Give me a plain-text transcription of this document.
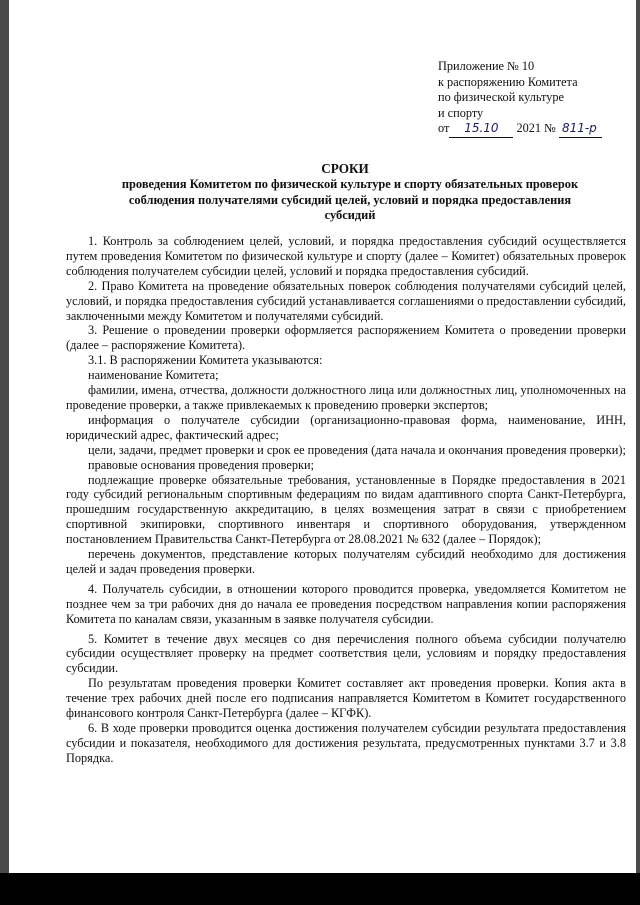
Приложение № 10
к распоряжению Комитета
по физической культуре
и спорту
от 15.10 2021 № 811-р
СРОКИ
проведения Комитетом по физической культуре и спорту обязательных проверок соблюдения получателями субсидий целей, условий и порядка предоставления субсидий

1. Контроль за соблюдением целей, условий, и порядка предоставления субсидий осуществляется путем проведения Комитетом по физической культуре и спорту (далее – Комитет) обязательных проверок соблюдения получателем субсидии целей, условий и порядка предоставления субсидий.

2. Право Комитета на проведение обязательных поверок соблюдения получателями субсидий целей, условий, и порядка предоставления субсидий устанавливается соглашениями о предоставлении субсидий, заключенными между Комитетом и получателями субсидий.

3. Решение о проведении проверки оформляется распоряжением Комитета о проведении проверки (далее – распоряжение Комитета).

3.1. В распоряжении Комитета указываются:

наименование Комитета;

фамилии, имена, отчества, должности должностного лица или должностных лиц, уполномоченных на проведение проверки, а также привлекаемых к проведению проверки экспертов;

информация о получателе субсидии (организационно-правовая форма, наименование, ИНН, юридический адрес, фактический адрес;

цели, задачи, предмет проверки и срок ее проведения (дата начала и окончания проведения проверки);

правовые основания проведения проверки;

подлежащие проверке обязательные требования, установленные в Порядке предоставления в 2021 году субсидий региональным спортивным федерациям по видам адаптивного спорта Санкт-Петербурга, прошедшим государственную аккредитацию, в целях возмещения затрат в связи с приобретением спортивной экипировки, спортивного инвентаря и спортивного оборудования, утвержденном постановлением Правительства Санкт-Петербурга от 28.08.2021 № 632 (далее – Порядок);

перечень документов, представление которых получателям субсидий необходимо для достижения целей и задач проведения проверки.

4. Получатель субсидии, в отношении которого проводится проверка, уведомляется Комитетом не позднее чем за три рабочих дня до начала ее проведения посредством направления копии распоряжения Комитета по каналам связи, указанным в заявке получателя субсидии.

5. Комитет в течение двух месяцев со дня перечисления полного объема субсидии получателю субсидии осуществляет проверку на предмет соответствия цели, условиям и порядку предоставления субсидии.

По результатам проведения проверки Комитет составляет акт проведения проверки. Копия акта в течение трех рабочих дней после его подписания направляется Комитетом в Комитет государственного финансового контроля Санкт-Петербурга (далее – КГФК).

6. В ходе проверки проводится оценка достижения получателем субсидии результата предоставления субсидии и показателя, необходимого для достижения результата, предусмотренных пунктами 3.7 и 3.8 Порядка.
